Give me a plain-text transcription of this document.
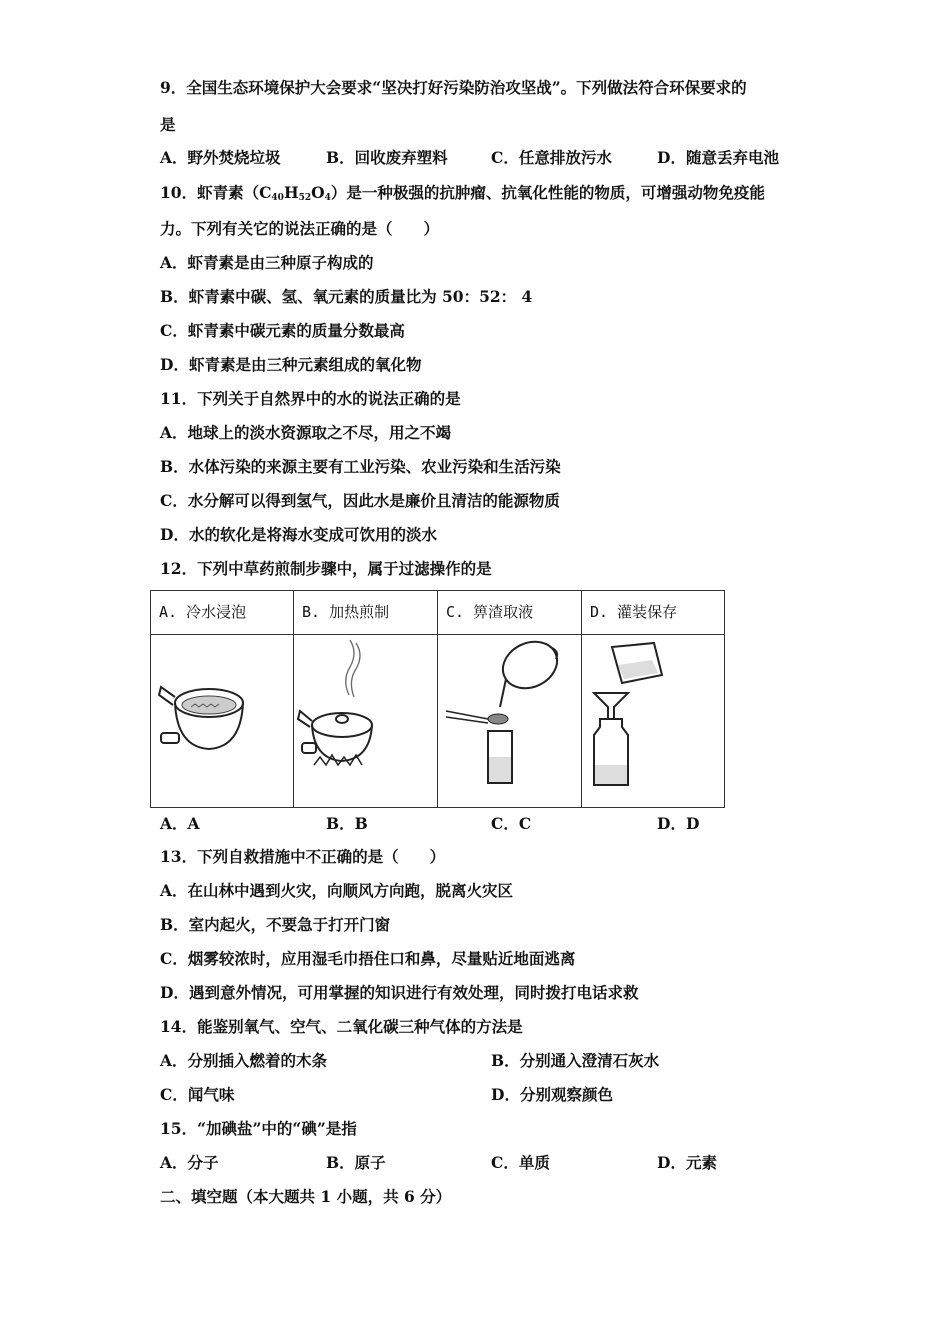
9．全国生态环境保护大会要求“坚决打好污染防治攻坚战”。下列做法符合环保要求的
是
A．野外焚烧垃圾	B．回收废弃塑料	C．任意排放污水	D．随意丢弃电池
10．虾青素$(C_{40}H_{52}O_4)$是一种极强的抗肿瘤、抗氧化性能的物质，可增强动物免疫能
力。下列有关它的说法正确的是（　　）
A．虾青素是由三种原子构成的
B．虾青素中碳、氢、氧元素的质量比为 50：52： 4
C．虾青素中碳元素的质量分数最高
D．虾青素是由三种元素组成的氧化物
11．下列关于自然界中的水的说法正确的是
A．地球上的淡水资源取之不尽，用之不竭
B．水体污染的来源主要有工业污染、农业污染和生活污染
C．水分解可以得到氢气，因此水是廉价且清洁的能源物质
D．水的软化是将海水变成可饮用的淡水
12．下列中草药煎制步骤中，属于过滤操作的是
A. 冷水浸泡	B. 加热煎制	C. 箅渣取液	D. 灌装保存

A．A	B．B	C．C	D．D
13．下列自救措施中不正确的是（　　）
A．在山林中遇到火灾，向顺风方向跑，脱离火灾区
B．室内起火，不要急于打开门窗
C．烟雾较浓时，应用湿毛巾捂住口和鼻，尽量贴近地面逃离
D．遇到意外情况，可用掌握的知识进行有效处理，同时拨打电话求救
14．能鉴别氧气、空气、二氧化碳三种气体的方法是
A．分别插入燃着的木条	B．分别通入澄清石灰水
C．闻气味	D．分别观察颜色
15．“加碘盐”中的“碘”是指
A．分子	B．原子	C．单质	D．元素
二、填空题（本大题共 1 小题，共 6 分）
